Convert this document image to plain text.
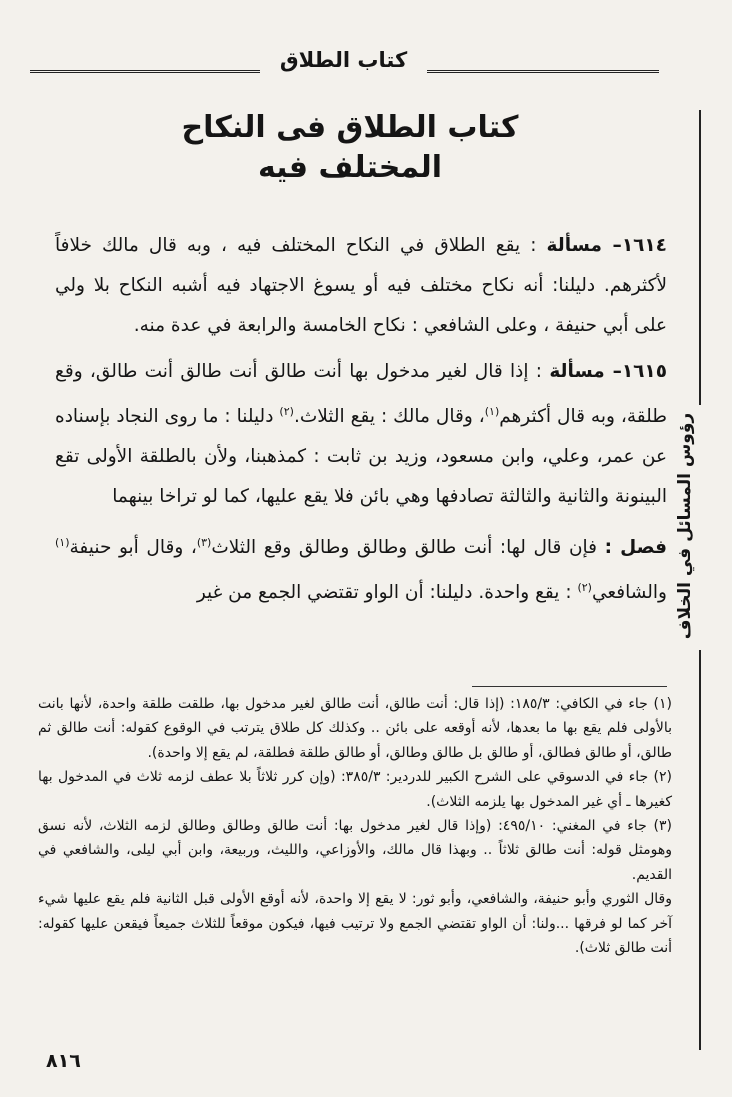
كتاب الطلاق
رؤوس المسائل في الخلاف
كتاب الطلاق فى النكاح
المختلف فيه

١٦١٤– مسألة : يقع الطلاق في النكاح المختلف فيه ، وبه قال مالك خلافاً لأكثرهم. دليلنا: أنه نكاح مختلف فيه أو يسوغ الاجتهاد فيه أشبه النكاح بلا ولي على أبي حنيفة ، وعلى الشافعي : نكاح الخامسة والرابعة في عدة منه.

١٦١٥– مسألة : إذا قال لغير مدخول بها أنت طالق أنت طالق أنت طالق، وقع طلقة، وبه قال أكثرهم$^{(١)}$، وقال مالك : يقع الثلاث.$^{(٢)}$ دليلنا : ما روى النجاد بإسناده عن عمر، وعلي، وابن مسعود، وزيد بن ثابت : كمذهبنا، ولأن بالطلقة الأولى تقع البينونة والثانية والثالثة تصادفها وهي بائن فلا يقع عليها، كما لو تراخا بينهما

فصل : فإن قال لها: أنت طالق وطالق وطالق وقع الثلاث$^{(٣)}$، وقال أبو حنيفة$^{(١)}$ والشافعي$^{(٢)}$ : يقع واحدة. دليلنا: أن الواو تقتضي الجمع من غير

(١) جاء في الكافي: ١٨٥/٣: (إذا قال: أنت طالق، أنت طالق لغير مدخول بها، طلقت طلقة واحدة، لأنها بانت بالأولى فلم يقع بها ما بعدها، لأنه أوقعه على بائن .. وكذلك كل طلاق يترتب في الوقوع كقوله: أنت طالق ثم طالق، أو طالق فطالق، أو طالق بل طالق وطالق، أو طالق طلقة فطلقة، لم يقع إلا واحدة).

(٢) جاء في الدسوقي على الشرح الكبير للدردير: ٣٨٥/٣: (وإن كرر ثلاثاً بلا عطف لزمه ثلاث في المدخول بها كغيرها ـ أي غير المدخول بها يلزمه الثلاث).

(٣) جاء في المغني: ٤٩٥/١٠: (وإذا قال لغير مدخول بها: أنت طالق وطالق وطالق لزمه الثلاث، لأنه نسق وهومثل قوله: أنت طالق ثلاثاً .. وبهذا قال مالك، والأوزاعي، والليث، وربيعة، وابن أبي ليلى، والشافعي في القديم.

وقال الثوري وأبو حنيفة، والشافعي، وأبو ثور: لا يقع إلا واحدة، لأنه أوقع الأولى قبل الثانية فلم يقع عليها شيء آخر كما لو فرقها ...ولنا: أن الواو تقتضي الجمع ولا ترتيب فيها، فيكون موقعاً للثلاث جميعاً فيقعن عليها كقوله: أنت طالق ثلاث).

٨١٦
